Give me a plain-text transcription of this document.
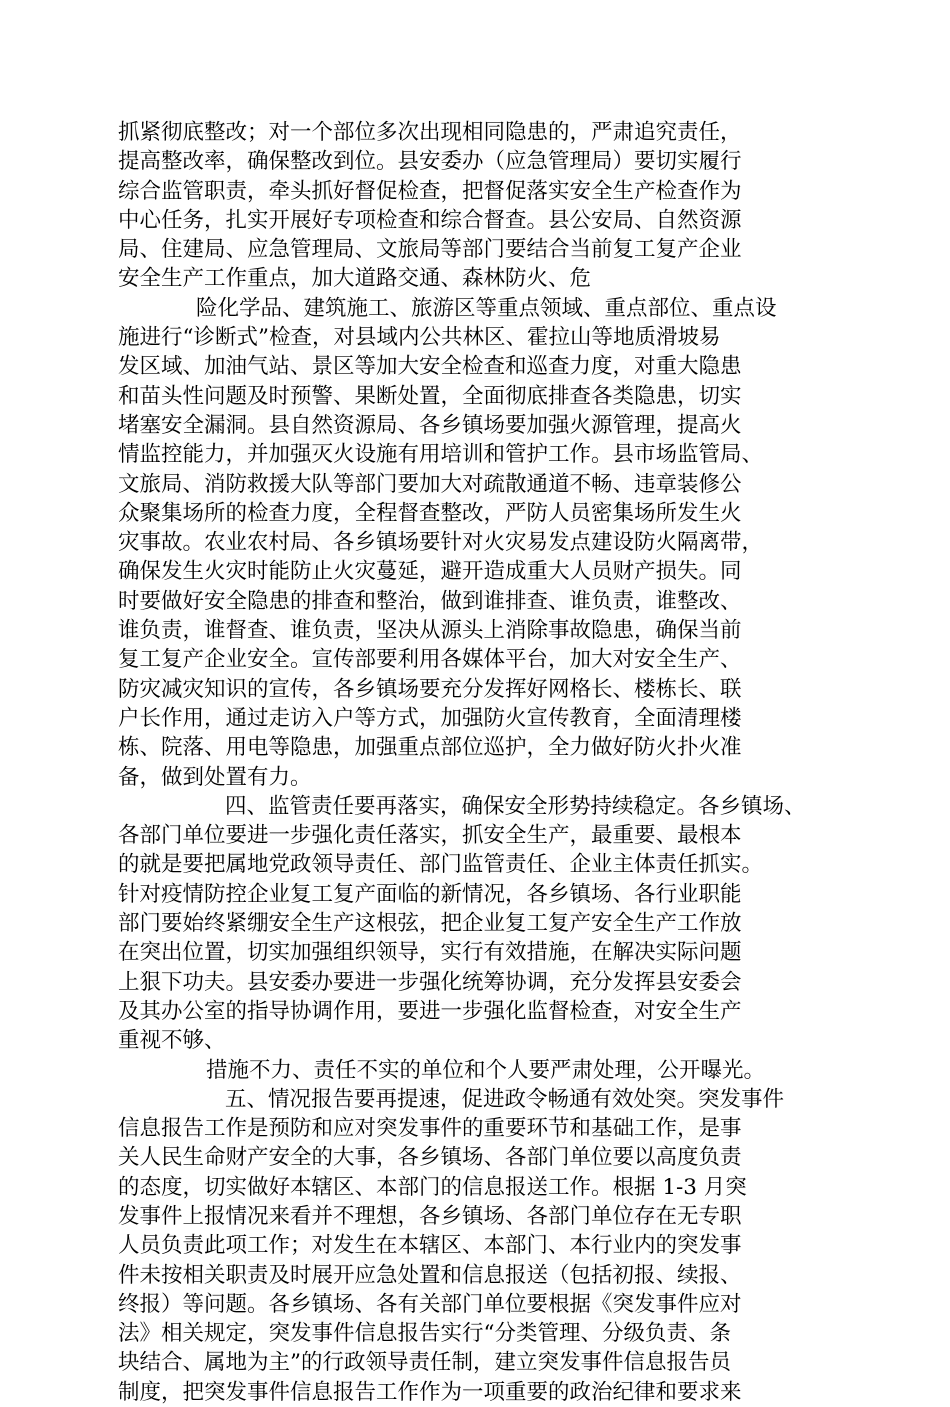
抓紧彻底整改；对一个部位多次出现相同隐患的，严肃追究责任，
提高整改率，确保整改到位。县安委办（应急管理局）要切实履行
综合监管职责，牵头抓好督促检查，把督促落实安全生产检查作为
中心任务，扎实开展好专项检查和综合督查。县公安局、自然资源
局、住建局、应急管理局、文旅局等部门要结合当前复工复产企业
安全生产工作重点，加大道路交通、森林防火、危
险化学品、建筑施工、旅游区等重点领域、重点部位、重点设
施进行“诊断式”检查，对县域内公共林区、霍拉山等地质滑坡易
发区域、加油气站、景区等加大安全检查和巡查力度，对重大隐患
和苗头性问题及时预警、果断处置，全面彻底排查各类隐患，切实
堵塞安全漏洞。县自然资源局、各乡镇场要加强火源管理，提高火
情监控能力，并加强灭火设施有用培训和管护工作。县市场监管局、
文旅局、消防救援大队等部门要加大对疏散通道不畅、违章装修公
众聚集场所的检查力度，全程督查整改，严防人员密集场所发生火
灾事故。农业农村局、各乡镇场要针对火灾易发点建设防火隔离带，
确保发生火灾时能防止火灾蔓延，避开造成重大人员财产损失。同
时要做好安全隐患的排查和整治，做到谁排查、谁负责，谁整改、
谁负责，谁督查、谁负责，坚决从源头上消除事故隐患，确保当前
复工复产企业安全。宣传部要利用各媒体平台，加大对安全生产、
防灾减灾知识的宣传，各乡镇场要充分发挥好网格长、楼栋长、联
户长作用，通过走访入户等方式，加强防火宣传教育，全面清理楼
栋、院落、用电等隐患，加强重点部位巡护，全力做好防火扑火准
备，做到处置有力。
四、监管责任要再落实，确保安全形势持续稳定。各乡镇场、
各部门单位要进一步强化责任落实，抓安全生产，最重要、最根本
的就是要把属地党政领导责任、部门监管责任、企业主体责任抓实。
针对疫情防控企业复工复产面临的新情况，各乡镇场、各行业职能
部门要始终紧绷安全生产这根弦，把企业复工复产安全生产工作放
在突出位置，切实加强组织领导，实行有效措施，在解决实际问题
上狠下功夫。县安委办要进一步强化统筹协调，充分发挥县安委会
及其办公室的指导协调作用，要进一步强化监督检查，对安全生产
重视不够、
措施不力、责任不实的单位和个人要严肃处理，公开曝光。
五、情况报告要再提速，促进政令畅通有效处突。突发事件
信息报告工作是预防和应对突发事件的重要环节和基础工作，是事
关人民生命财产安全的大事，各乡镇场、各部门单位要以高度负责
的态度，切实做好本辖区、本部门的信息报送工作。根据 1-3 月突
发事件上报情况来看并不理想，各乡镇场、各部门单位存在无专职
人员负责此项工作；对发生在本辖区、本部门、本行业内的突发事
件未按相关职责及时展开应急处置和信息报送（包括初报、续报、
终报）等问题。各乡镇场、各有关部门单位要根据《突发事件应对
法》相关规定，突发事件信息报告实行“分类管理、分级负责、条
块结合、属地为主”的行政领导责任制，建立突发事件信息报告员
制度，把突发事件信息报告工作作为一项重要的政治纪律和要求来
